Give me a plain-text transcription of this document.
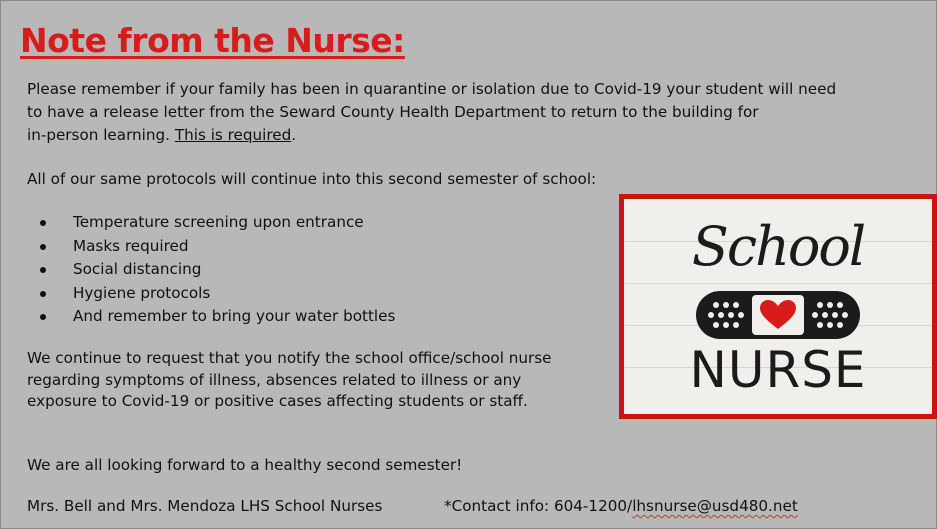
Note from the Nurse:

Please remember if your family has been in quarantine or isolation due to Covid-19 your student will need
to have a release letter from the Seward County Health Department to return to the building for
in-person learning. This is required.

All of our same protocols will continue into this second semester of school:

Temperature screening upon entrance
Masks required
Social distancing
Hygiene protocols
And remember to bring your water bottles

We continue to request that you notify the school office/school nurse
regarding symptoms of illness, absences related to illness or any
exposure to Covid-19 or positive cases affecting students or staff.

We are all looking forward to a healthy second semester!

Mrs. Bell and Mrs. Mendoza LHS School Nurses	*Contact info: 604-1200/lhsnurse@usd480.net
School
NURSE
